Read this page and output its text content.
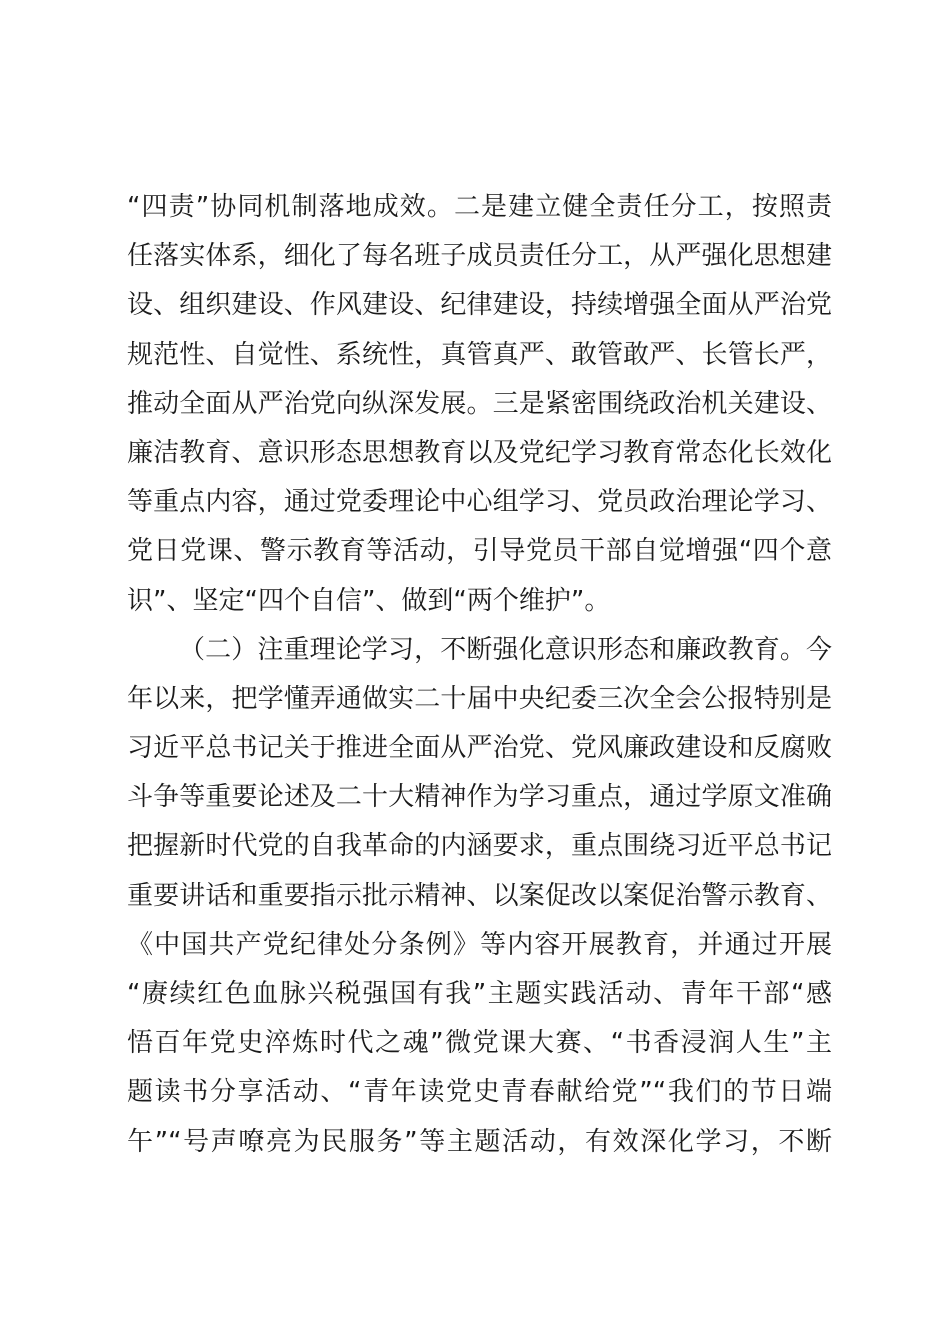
“四责”协同机制落地成效。二是建立健全责任分工，按照责
任落实体系，细化了每名班子成员责任分工，从严强化思想建
设、组织建设、作风建设、纪律建设，持续增强全面从严治党
规范性、自觉性、系统性，真管真严、敢管敢严、长管长严，
推动全面从严治党向纵深发展。三是紧密围绕政治机关建设、
廉洁教育、意识形态思想教育以及党纪学习教育常态化长效化
等重点内容，通过党委理论中心组学习、党员政治理论学习、
党日党课、警示教育等活动，引导党员干部自觉增强“四个意
识”、坚定“四个自信”、做到“两个维护”。
（二）注重理论学习，不断强化意识形态和廉政教育。今
年以来，把学懂弄通做实二十届中央纪委三次全会公报特别是
习近平总书记关于推进全面从严治党、党风廉政建设和反腐败
斗争等重要论述及二十大精神作为学习重点，通过学原文准确
把握新时代党的自我革命的内涵要求，重点围绕习近平总书记
重要讲话和重要指示批示精神、以案促改以案促治警示教育、
《中国共产党纪律处分条例》等内容开展教育，并通过开展
“赓续红色血脉兴税强国有我”主题实践活动、青年干部“感
悟百年党史淬炼时代之魂”微党课大赛、“书香浸润人生”主
题读书分享活动、“青年读党史青春献给党”“我们的节日端
午”“号声嘹亮为民服务”等主题活动，有效深化学习，不断
